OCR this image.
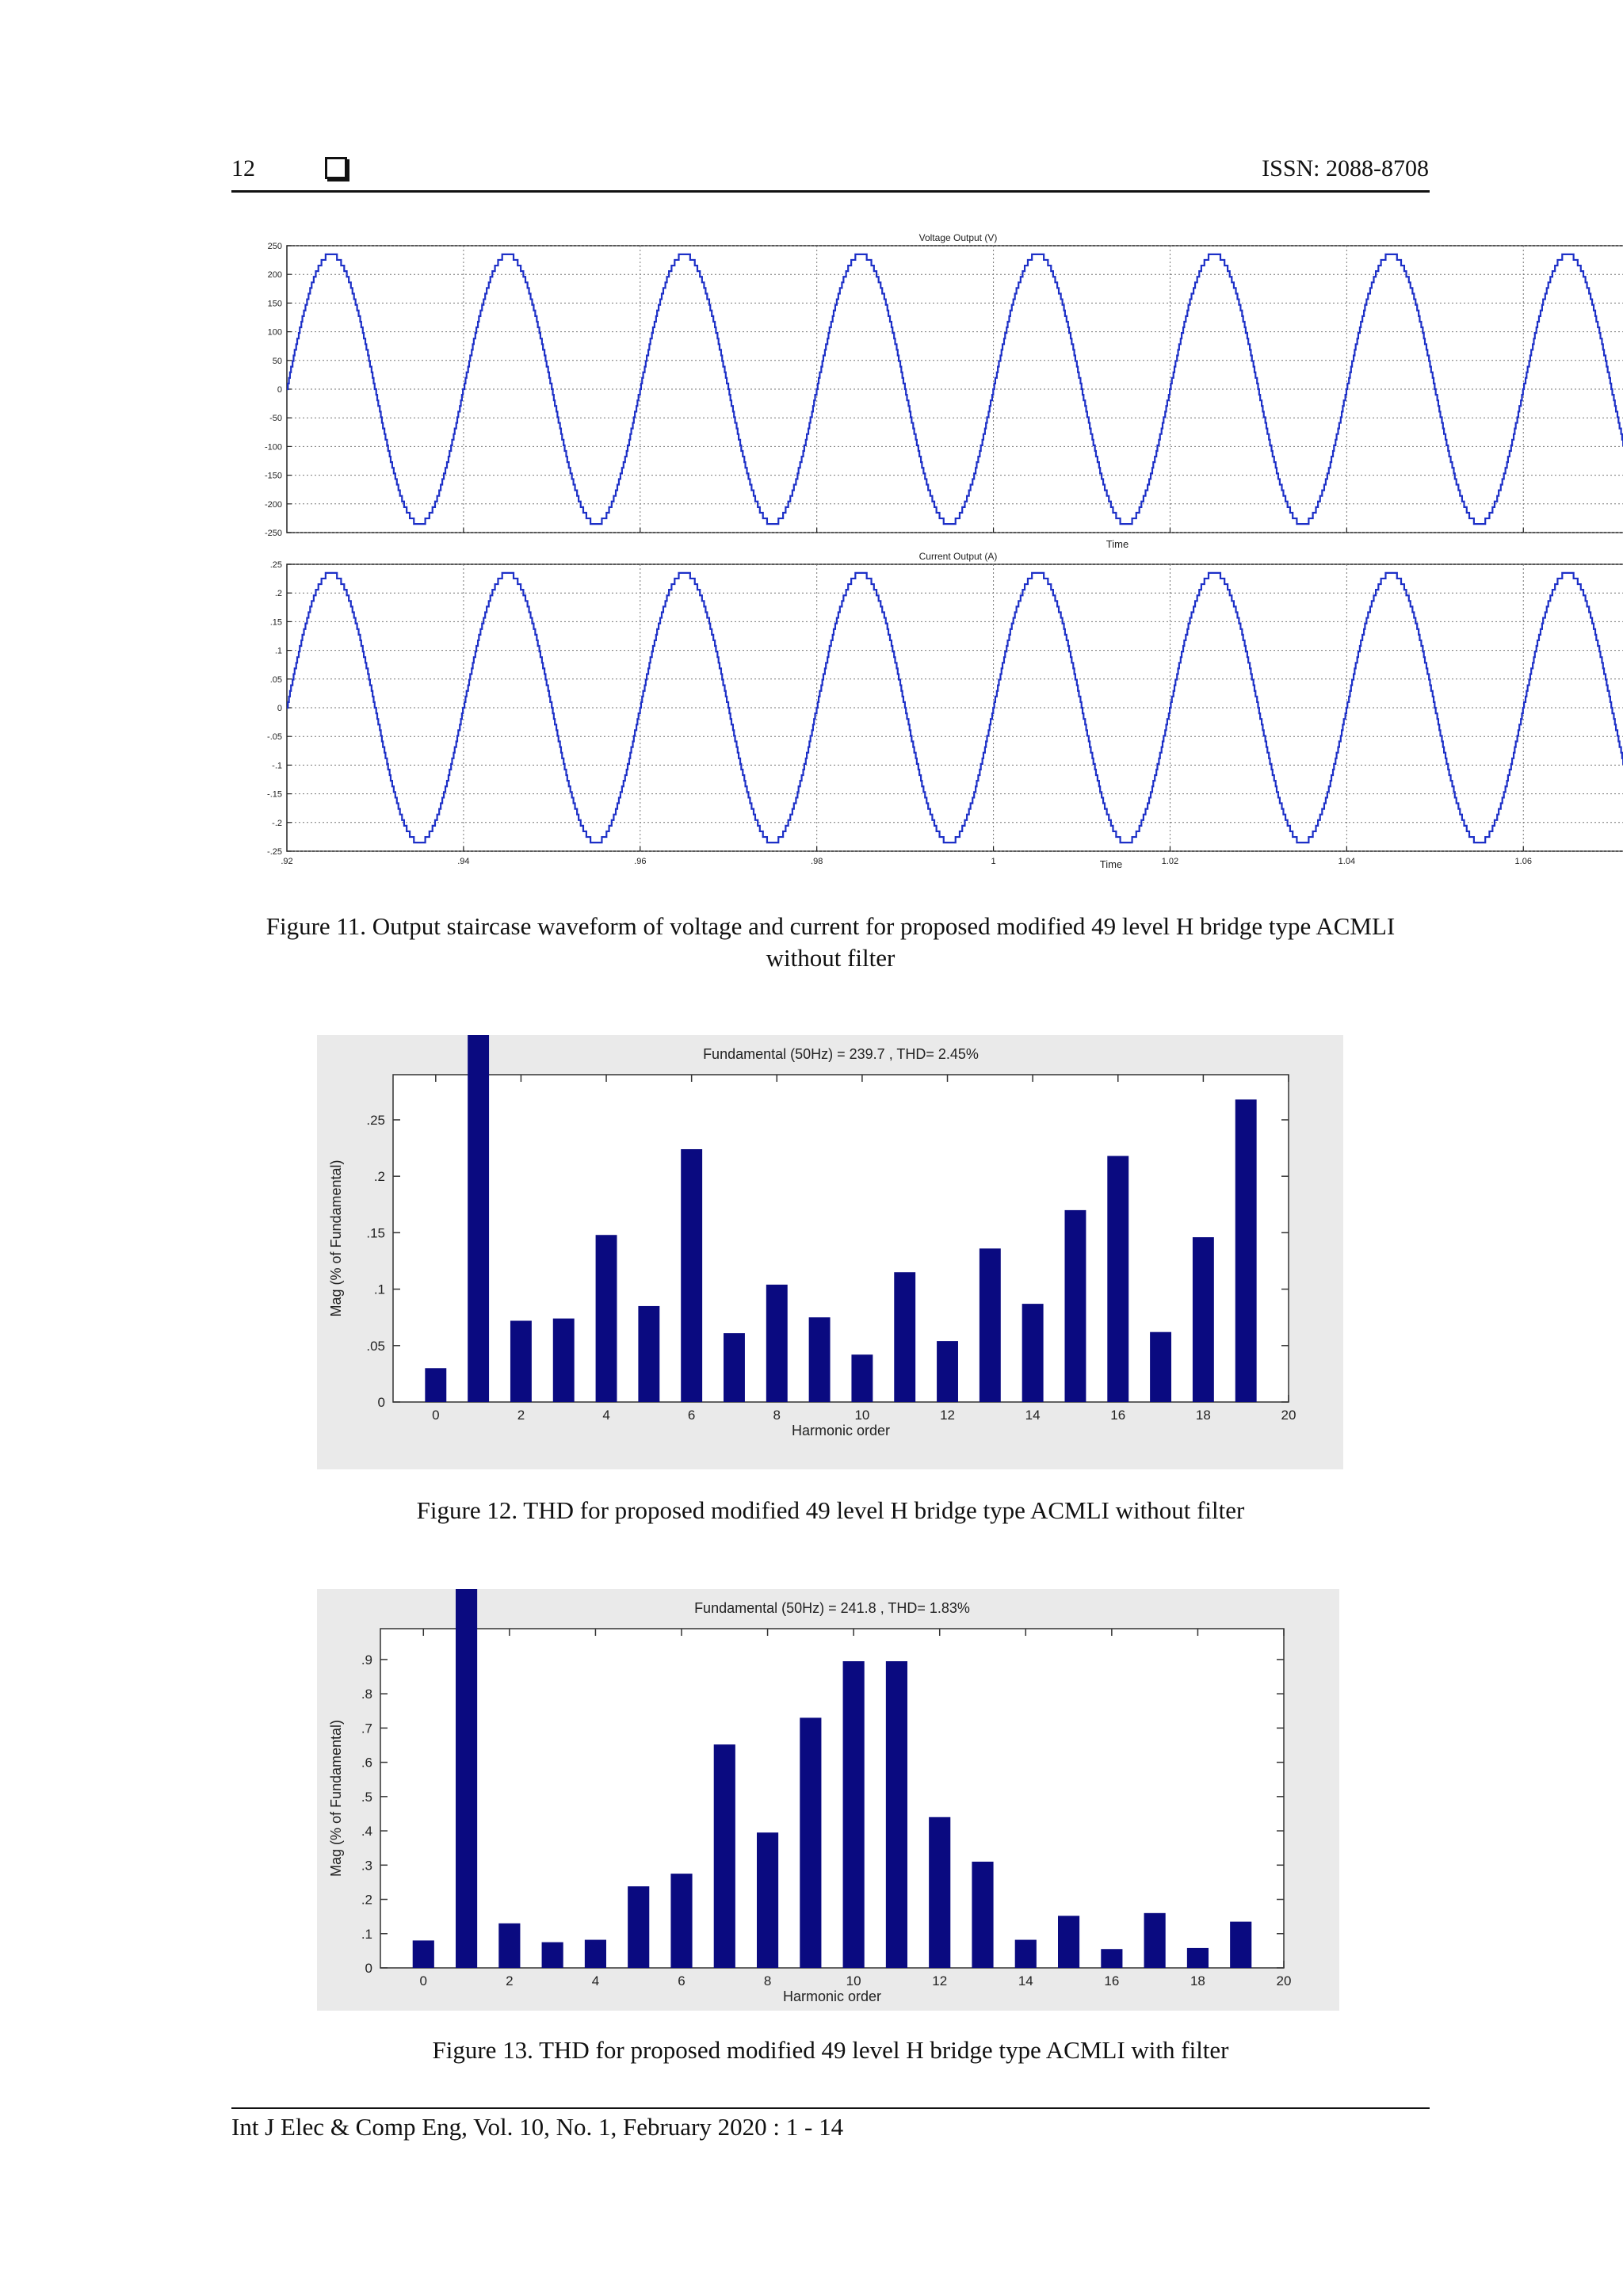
12	ISSN: 2088-8708
250
200
150
100
50
0
-50
-100
-150
-200
-250
Voltage Output (V)
Time
.25
.2
.15
.1
.05
0
-.05
-.1
-.15
-.2
-.25
.92	.94	.96	.98	1	1.02	1.04	1.06
Current Output (A)
Time
Figure 11. Output staircase waveform of voltage and current for proposed modified 49 level H bridge type ACMLI without filter
0
.05
.1
.15
.2
.25
0	2	4	6	8	10	12	14	16	18	20
Fundamental (50Hz) = 239.7 , THD= 2.45%
Harmonic order
Mag (% of Fundamental)
Figure 12. THD for proposed modified 49 level H bridge type ACMLI without filter
0
.1
.2
.3
.4
.5
.6
.7
.8
.9
0	2	4	6	8	10	12	14	16	18	20
Fundamental (50Hz) = 241.8 , THD= 1.83%
Harmonic order
Mag (% of Fundamental)
Figure 13. THD for proposed modified 49 level H bridge type ACMLI with filter
Int J Elec & Comp Eng, Vol. 10, No. 1, February 2020 : 1 - 14
